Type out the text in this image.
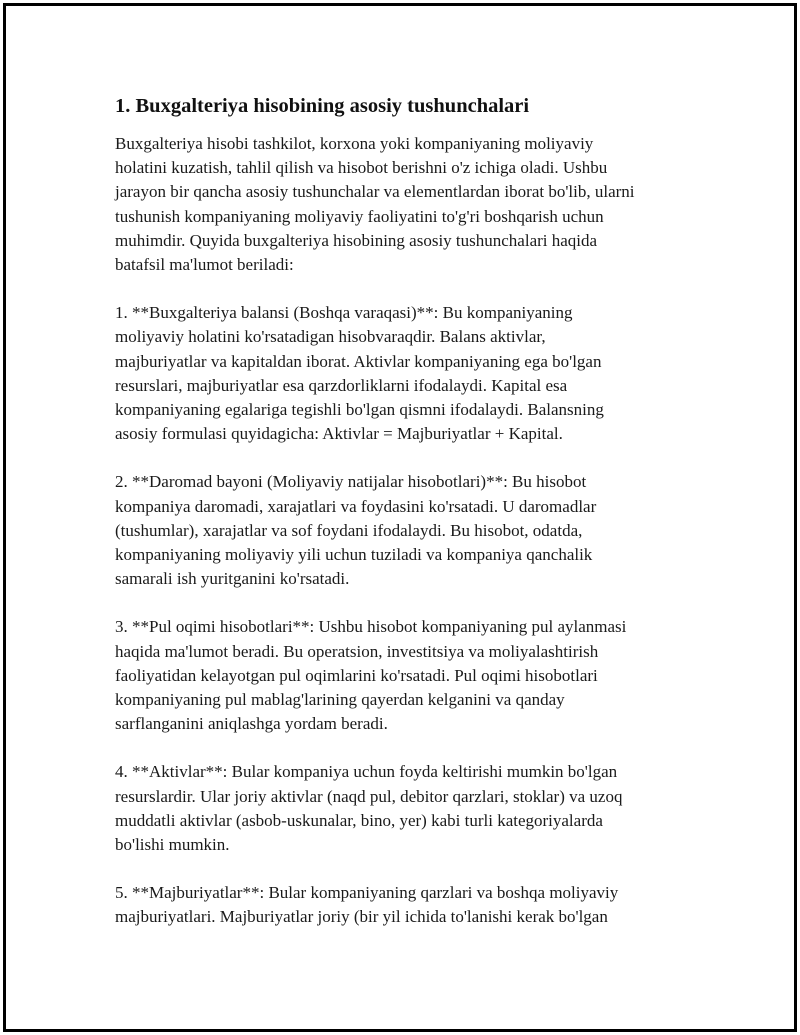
1. Buxgalteriya hisobining asosiy tushunchalari

Buxgalteriya hisobi tashkilot, korxona yoki kompaniyaning moliyaviy
holatini kuzatish, tahlil qilish va hisobot berishni o'z ichiga oladi. Ushbu
jarayon bir qancha asosiy tushunchalar va elementlardan iborat bo'lib, ularni
tushunish kompaniyaning moliyaviy faoliyatini to'g'ri boshqarish uchun
muhimdir. Quyida buxgalteriya hisobining asosiy tushunchalari haqida
batafsil ma'lumot beriladi:

1. **Buxgalteriya balansi (Boshqa varaqasi)**: Bu kompaniyaning
moliyaviy holatini ko'rsatadigan hisobvaraqdir. Balans aktivlar,
majburiyatlar va kapitaldan iborat. Aktivlar kompaniyaning ega bo'lgan
resurslari, majburiyatlar esa qarzdorliklarni ifodalaydi. Kapital esa
kompaniyaning egalariga tegishli bo'lgan qismni ifodalaydi. Balansning
asosiy formulasi quyidagicha: Aktivlar = Majburiyatlar + Kapital.

2. **Daromad bayoni (Moliyaviy natijalar hisobotlari)**: Bu hisobot
kompaniya daromadi, xarajatlari va foydasini ko'rsatadi. U daromadlar
(tushumlar), xarajatlar va sof foydani ifodalaydi. Bu hisobot, odatda,
kompaniyaning moliyaviy yili uchun tuziladi va kompaniya qanchalik
samarali ish yuritganini ko'rsatadi.

3. **Pul oqimi hisobotlari**: Ushbu hisobot kompaniyaning pul aylanmasi
haqida ma'lumot beradi. Bu operatsion, investitsiya va moliyalashtirish
faoliyatidan kelayotgan pul oqimlarini ko'rsatadi. Pul oqimi hisobotlari
kompaniyaning pul mablag'larining qayerdan kelganini va qanday
sarflanganini aniqlashga yordam beradi.

4. **Aktivlar**: Bular kompaniya uchun foyda keltirishi mumkin bo'lgan
resurslardir. Ular joriy aktivlar (naqd pul, debitor qarzlari, stoklar) va uzoq
muddatli aktivlar (asbob-uskunalar, bino, yer) kabi turli kategoriyalarda
bo'lishi mumkin.

5. **Majburiyatlar**: Bular kompaniyaning qarzlari va boshqa moliyaviy
majburiyatlari. Majburiyatlar joriy (bir yil ichida to'lanishi kerak bo'lgan
